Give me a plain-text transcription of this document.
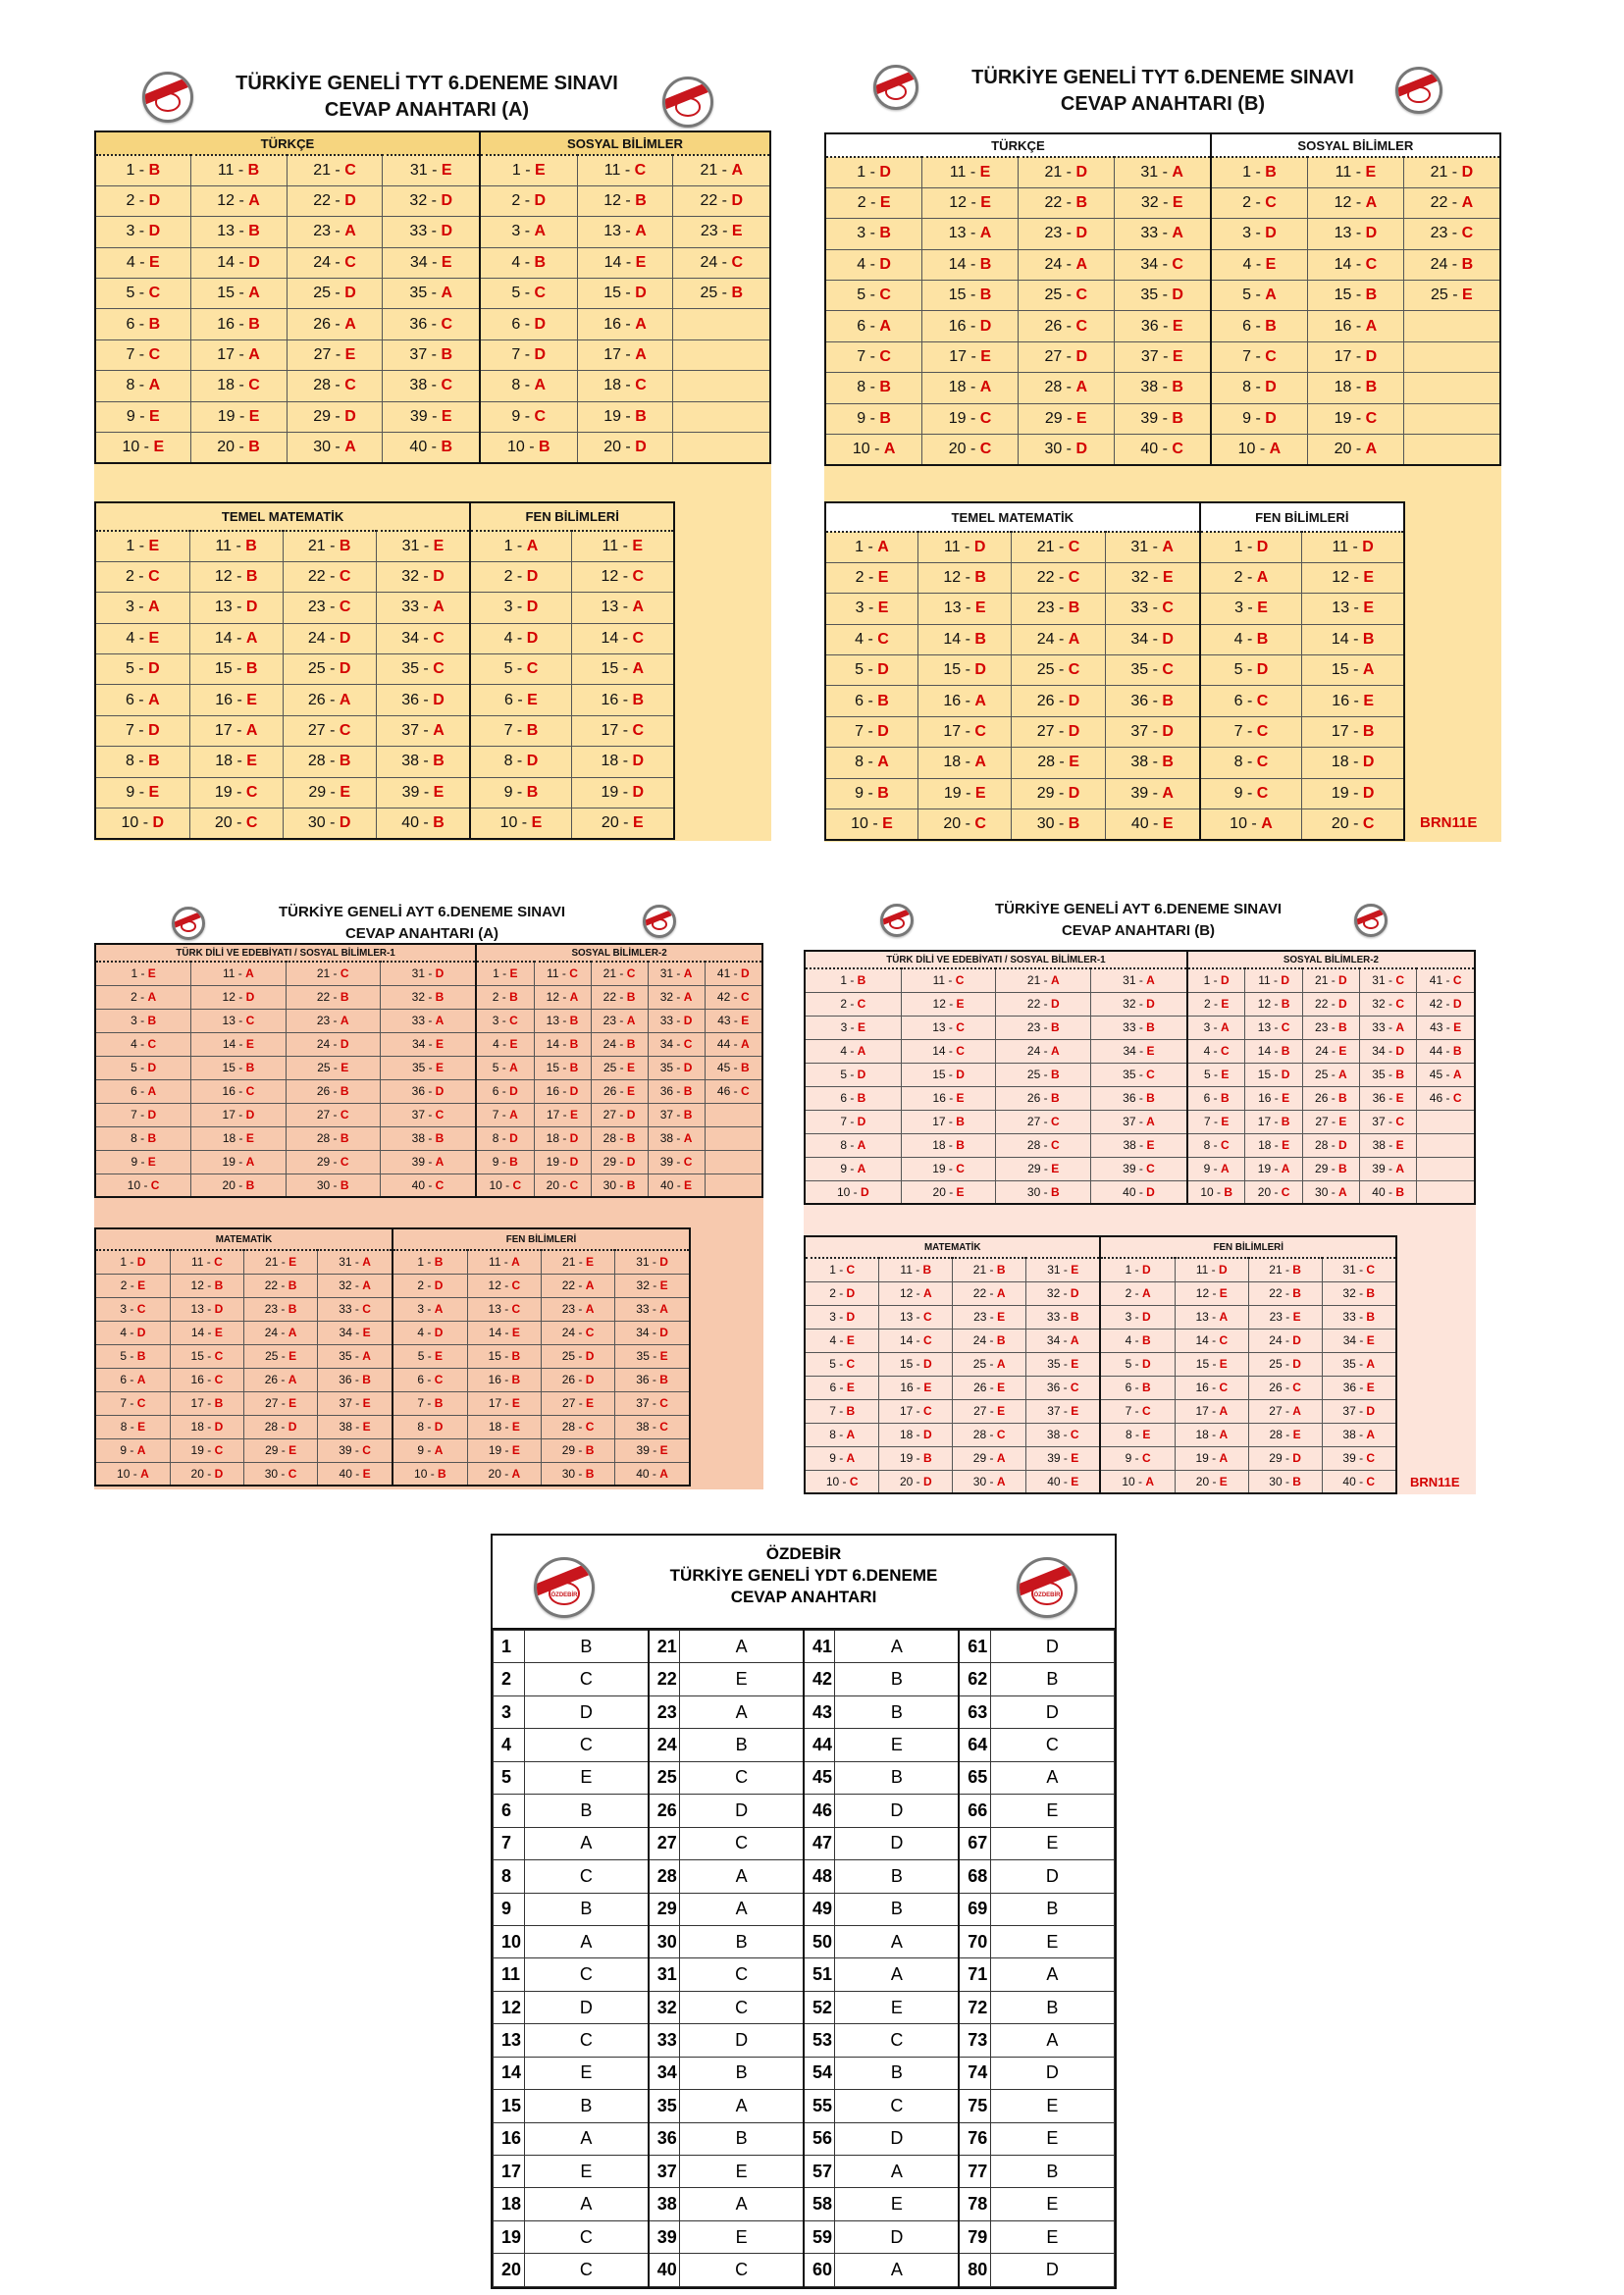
TÜRKİYE GENELİ TYT 6.DENEME SINAVI
CEVAP ANAHTARI (A)
TÜRKÇE				SOSYAL BİLİMLER		
1 - B	11 - B	21 - C	31 - E	1 - E	11 - C	21 - A
2 - D	12 - A	22 - D	32 - D	2 - D	12 - B	22 - D
3 - D	13 - B	23 - A	33 - D	3 - A	13 - A	23 - E
4 - E	14 - D	24 - C	34 - E	4 - B	14 - E	24 - C
5 - C	15 - A	25 - D	35 - A	5 - C	15 - D	25 - B
6 - B	16 - B	26 - A	36 - C	6 - D	16 - A	
7 - C	17 - A	27 - E	37 - B	7 - D	17 - A	
8 - A	18 - C	28 - C	38 - C	8 - A	18 - C	
9 - E	19 - E	29 - D	39 - E	9 - C	19 - B	
10 - E	20 - B	30 - A	40 - B	10 - B	20 - D	
TEMEL MATEMATİK				FEN BİLİMLERİ	
1 - E	11 - B	21 - B	31 - E	1 - A	11 - E
2 - C	12 - B	22 - C	32 - D	2 - D	12 - C
3 - A	13 - D	23 - C	33 - A	3 - D	13 - A
4 - E	14 - A	24 - D	34 - C	4 - D	14 - C
5 - D	15 - B	25 - D	35 - C	5 - C	15 - A
6 - A	16 - E	26 - A	36 - D	6 - E	16 - B
7 - D	17 - A	27 - C	37 - A	7 - B	17 - C
8 - B	18 - E	28 - B	38 - B	8 - D	18 - D
9 - E	19 - C	29 - E	39 - E	9 - B	19 - D
10 - D	20 - C	30 - D	40 - B	10 - E	20 - E
TÜRKİYE GENELİ TYT 6.DENEME SINAVI
CEVAP ANAHTARI (B)
TÜRKÇE				SOSYAL BİLİMLER		
1 - D	11 - E	21 - D	31 - A	1 - B	11 - E	21 - D
2 - E	12 - E	22 - B	32 - E	2 - C	12 - A	22 - A
3 - B	13 - A	23 - D	33 - A	3 - D	13 - D	23 - C
4 - D	14 - B	24 - A	34 - C	4 - E	14 - C	24 - B
5 - C	15 - B	25 - C	35 - D	5 - A	15 - B	25 - E
6 - A	16 - D	26 - C	36 - E	6 - B	16 - A	
7 - C	17 - E	27 - D	37 - E	7 - C	17 - D	
8 - B	18 - A	28 - A	38 - B	8 - D	18 - B	
9 - B	19 - C	29 - E	39 - B	9 - D	19 - C	
10 - A	20 - C	30 - D	40 - C	10 - A	20 - A	
TEMEL MATEMATİK				FEN BİLİMLERİ	
1 - A	11 - D	21 - C	31 - A	1 - D	11 - D
2 - E	12 - B	22 - C	32 - E	2 - A	12 - E
3 - E	13 - E	23 - B	33 - C	3 - E	13 - E
4 - C	14 - B	24 - A	34 - D	4 - B	14 - B
5 - D	15 - D	25 - C	35 - C	5 - D	15 - A
6 - B	16 - A	26 - D	36 - B	6 - C	16 - E
7 - D	17 - C	27 - D	37 - D	7 - C	17 - B
8 - A	18 - A	28 - E	38 - B	8 - C	18 - D
9 - B	19 - E	29 - D	39 - A	9 - C	19 - D
10 - E	20 - C	30 - B	40 - E	10 - A	20 - C	BRN11E
TÜRKİYE GENELİ AYT 6.DENEME SINAVI
CEVAP ANAHTARI (A)
TÜRK DİLİ VE EDEBİYATI / SOSYAL BİLİMLER-1				SOSYAL BİLİMLER-2				
1 - E	11 - A	21 - C	31 - D	1 - E	11 - C	21 - C	31 - A	41 - D
2 - A	12 - D	22 - B	32 - B	2 - B	12 - A	22 - B	32 - A	42 - C
3 - B	13 - C	23 - A	33 - A	3 - C	13 - B	23 - A	33 - D	43 - E
4 - C	14 - E	24 - D	34 - E	4 - E	14 - B	24 - B	34 - C	44 - A
5 - D	15 - B	25 - E	35 - E	5 - A	15 - B	25 - E	35 - D	45 - B
6 - A	16 - C	26 - B	36 - D	6 - D	16 - D	26 - E	36 - B	46 - C
7 - D	17 - D	27 - C	37 - C	7 - A	17 - E	27 - D	37 - B	
8 - B	18 - E	28 - B	38 - B	8 - D	18 - D	28 - B	38 - A	
9 - E	19 - A	29 - C	39 - A	9 - B	19 - D	29 - D	39 - C	
10 - C	20 - B	30 - B	40 - C	10 - C	20 - C	30 - B	40 - E	
MATEMATİK				FEN BİLİMLERİ			
1 - D	11 - C	21 - E	31 - A	1 - B	11 - A	21 - E	31 - D
2 - E	12 - B	22 - B	32 - A	2 - D	12 - C	22 - A	32 - E
3 - C	13 - D	23 - B	33 - C	3 - A	13 - C	23 - A	33 - A
4 - D	14 - E	24 - A	34 - E	4 - D	14 - E	24 - C	34 - D
5 - B	15 - C	25 - E	35 - A	5 - E	15 - B	25 - D	35 - E
6 - A	16 - C	26 - A	36 - B	6 - C	16 - B	26 - D	36 - B
7 - C	17 - B	27 - E	37 - E	7 - B	17 - E	27 - E	37 - C
8 - E	18 - D	28 - D	38 - E	8 - D	18 - E	28 - C	38 - C
9 - A	19 - C	29 - E	39 - C	9 - A	19 - E	29 - B	39 - E
10 - A	20 - D	30 - C	40 - E	10 - B	20 - A	30 - B	40 - A
TÜRKİYE GENELİ AYT 6.DENEME SINAVI
CEVAP ANAHTARI (B)
TÜRK DİLİ VE EDEBİYATI / SOSYAL BİLİMLER-1				SOSYAL BİLİMLER-2				
1 - B	11 - C	21 - A	31 - A	1 - D	11 - D	21 - D	31 - C	41 - C
2 - C	12 - E	22 - D	32 - D	2 - E	12 - B	22 - D	32 - C	42 - D
3 - E	13 - C	23 - B	33 - B	3 - A	13 - C	23 - B	33 - A	43 - E
4 - A	14 - C	24 - A	34 - E	4 - C	14 - B	24 - E	34 - D	44 - B
5 - D	15 - D	25 - B	35 - C	5 - E	15 - D	25 - A	35 - B	45 - A
6 - B	16 - E	26 - B	36 - B	6 - B	16 - E	26 - B	36 - E	46 - C
7 - D	17 - B	27 - C	37 - A	7 - E	17 - B	27 - E	37 - C	
8 - A	18 - B	28 - C	38 - E	8 - C	18 - E	28 - D	38 - E	
9 - A	19 - C	29 - E	39 - C	9 - A	19 - A	29 - B	39 - A	
10 - D	20 - E	30 - B	40 - D	10 - B	20 - C	30 - A	40 - B	
MATEMATİK				FEN BİLİMLERİ			
1 - C	11 - B	21 - B	31 - E	1 - D	11 - D	21 - B	31 - C
2 - D	12 - A	22 - A	32 - D	2 - A	12 - E	22 - B	32 - B
3 - D	13 - C	23 - E	33 - B	3 - D	13 - A	23 - E	33 - B
4 - E	14 - C	24 - B	34 - A	4 - B	14 - C	24 - D	34 - E
5 - C	15 - D	25 - A	35 - E	5 - D	15 - E	25 - D	35 - A
6 - E	16 - E	26 - E	36 - C	6 - B	16 - C	26 - C	36 - E
7 - B	17 - C	27 - E	37 - E	7 - C	17 - A	27 - A	37 - D
8 - A	18 - D	28 - C	38 - C	8 - E	18 - A	28 - E	38 - A
9 - A	19 - B	29 - A	39 - E	9 - C	19 - A	29 - D	39 - C
10 - C	20 - D	30 - A	40 - E	10 - A	20 - E	30 - B	40 - C	BRN11E
ÖZDEBİR	ÖZDEBİR
ÖZDEBİR
TÜRKİYE GENELİ YDT 6.DENEME
CEVAP ANAHTARI
1	B	21	A	41	A	61	D
2	C	22	E	42	B	62	B
3	D	23	A	43	B	63	D
4	C	24	B	44	E	64	C
5	E	25	C	45	B	65	A
6	B	26	D	46	D	66	E
7	A	27	C	47	D	67	E
8	C	28	A	48	B	68	D
9	B	29	A	49	B	69	B
10	A	30	B	50	A	70	E
11	C	31	C	51	A	71	A
12	D	32	C	52	E	72	B
13	C	33	D	53	C	73	A
14	E	34	B	54	B	74	D
15	B	35	A	55	C	75	E
16	A	36	B	56	D	76	E
17	E	37	E	57	A	77	B
18	A	38	A	58	E	78	E
19	C	39	E	59	D	79	E
20	C	40	C	60	A	80	D
